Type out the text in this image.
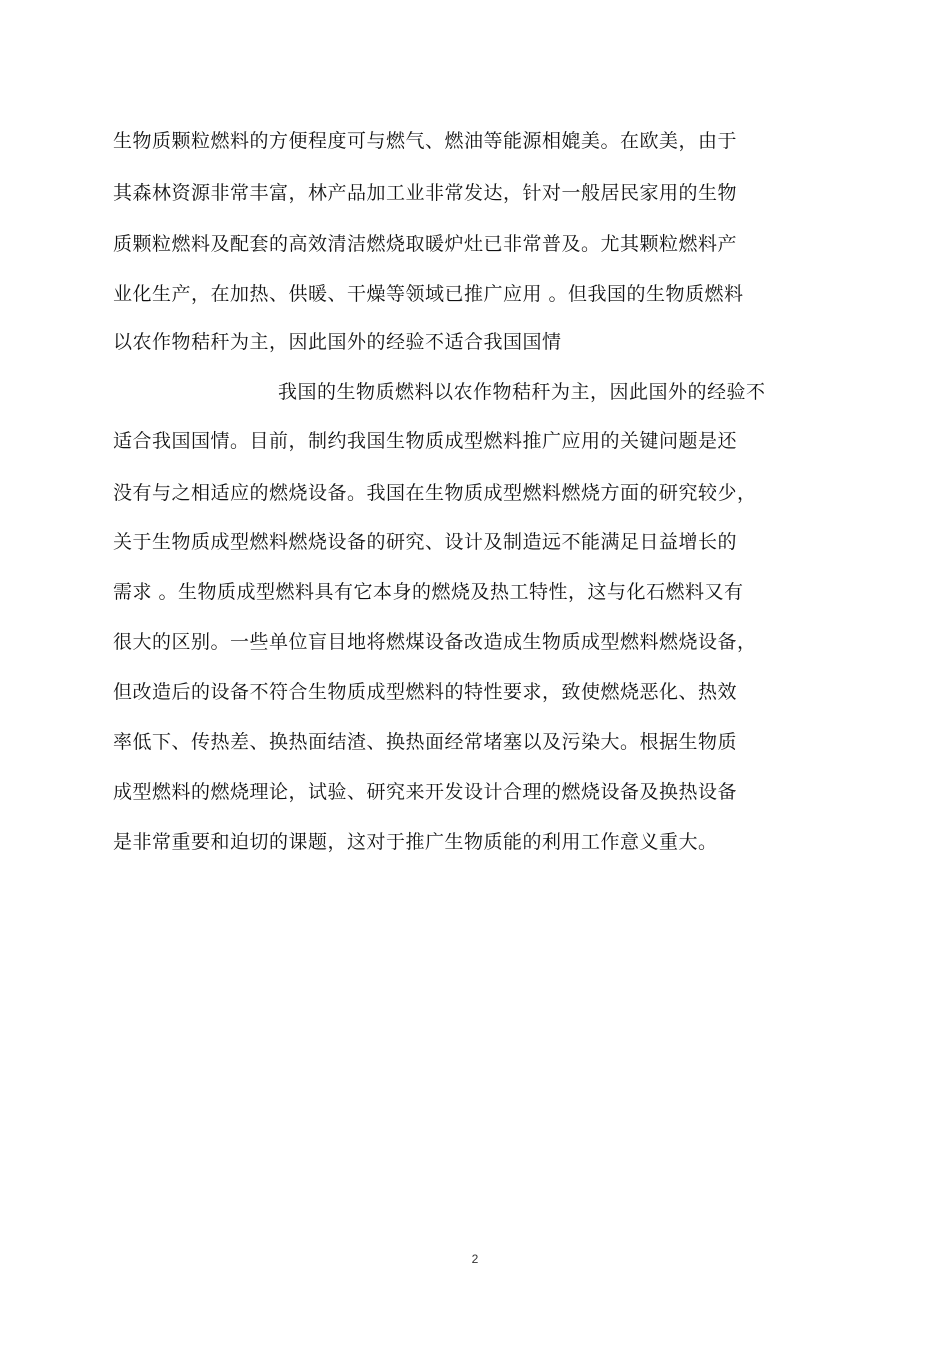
生物质颗粒燃料的方便程度可与燃气、燃油等能源相媲美。在欧美，由于
其森林资源非常丰富，林产品加工业非常发达，针对一般居民家用的生物
质颗粒燃料及配套的高效清洁燃烧取暖炉灶已非常普及。尤其颗粒燃料产
业化生产，在加热、供暖、干燥等领域已推广应用 。但我国的生物质燃料
以农作物秸秆为主，因此国外的经验不适合我国国情
我国的生物质燃料以农作物秸秆为主，因此国外的经验不
适合我国国情。目前，制约我国生物质成型燃料推广应用的关键问题是还
没有与之相适应的燃烧设备。我国在生物质成型燃料燃烧方面的研究较少，
关于生物质成型燃料燃烧设备的研究、设计及制造远不能满足日益增长的
需求 。生物质成型燃料具有它本身的燃烧及热工特性，这与化石燃料又有
很大的区别。一些单位盲目地将燃煤设备改造成生物质成型燃料燃烧设备，
但改造后的设备不符合生物质成型燃料的特性要求，致使燃烧恶化、热效
率低下、传热差、换热面结渣、换热面经常堵塞以及污染大。根据生物质
成型燃料的燃烧理论，试验、研究来开发设计合理的燃烧设备及换热设备
是非常重要和迫切的课题，这对于推广生物质能的利用工作意义重大。
2
